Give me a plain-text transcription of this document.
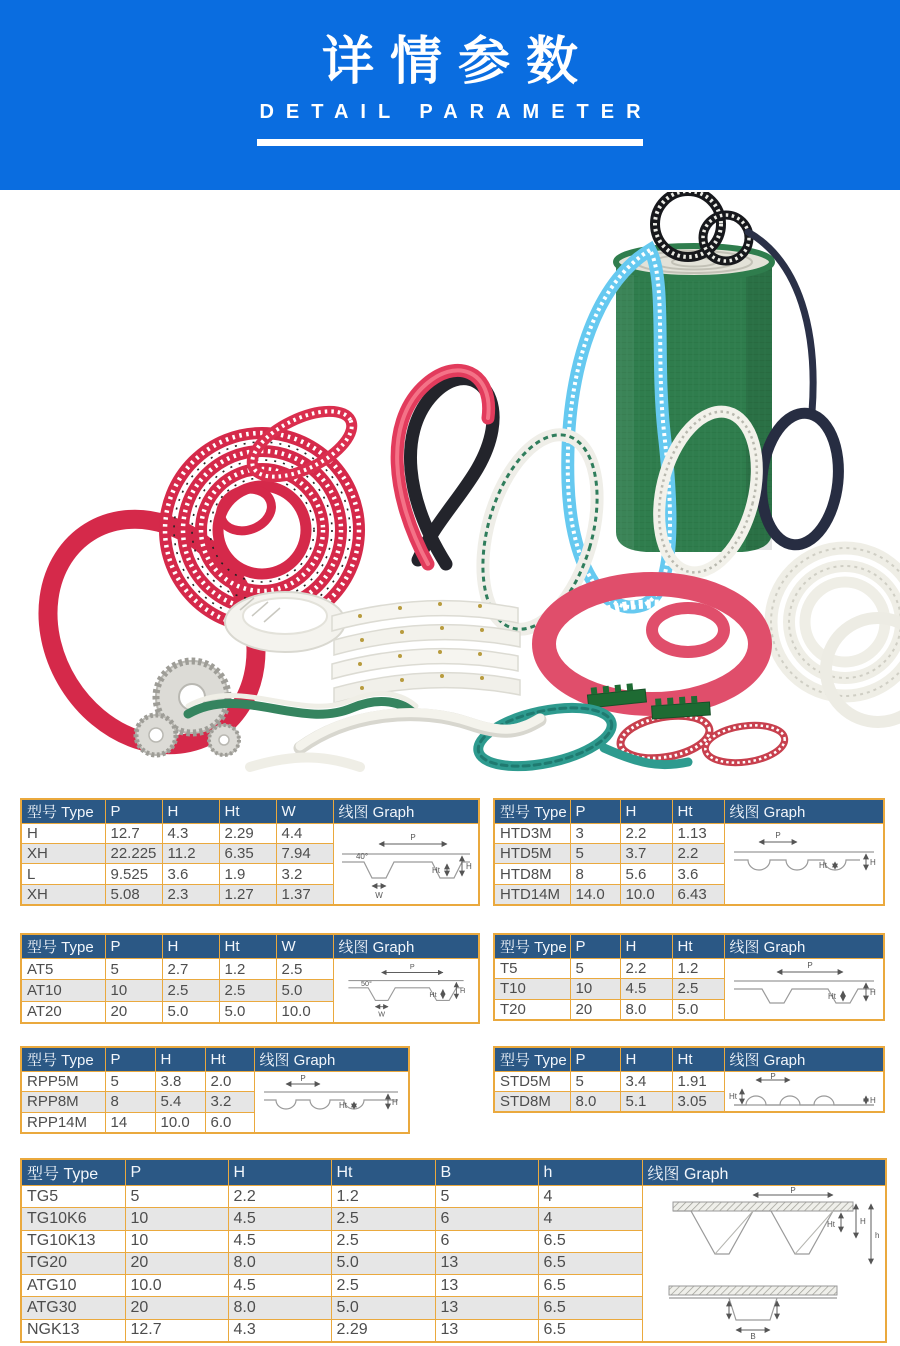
详情参数
DETAIL PARAMETER
型号 Type	P	H	Ht	W	线图 Graph
H	12.7	4.3	2.29	4.4	P
40°
W
Ht H

XH	22.225	11.2	6.35	7.94	
L	9.525	3.6	1.9	3.2	
XH	5.08	2.3	1.27	1.37	
型号 Type	P	H	Ht	线图 Graph
HTD3M	3	2.2	1.13	P
Ht H

HTD5M	5	3.7	2.2	
HTD8M	8	5.6	3.6	
HTD14M	14.0	10.0	6.43	
型号 Type	P	H	Ht	W	线图 Graph
AT5	5	2.7	1.2	2.5	P
50°
W
Ht H

AT10	10	2.5	2.5	5.0	
AT20	20	5.0	5.0	10.0	
型号 Type	P	H	Ht	线图 Graph
T5	5	2.2	1.2	P
Ht H

T10	10	4.5	2.5	
T20	20	8.0	5.0	
型号 Type	P	H	Ht	线图 Graph
RPP5M	5	3.8	2.0	P
Ht H

RPP8M	8	5.4	3.2	
RPP14M	14	10.0	6.0	
型号 Type	P	H	Ht	线图 Graph
STD5M	5	3.4	1.91	P
Ht H

STD8M	8.0	5.1	3.05	
型号 Type	P	H	Ht	B	h	线图 Graph
TG5	5	2.2	1.2	5	4	P
Ht H
h
B

TG10K6	10	4.5	2.5	6	4	
TG10K13	10	4.5	2.5	6	6.5	
TG20	20	8.0	5.0	13	6.5	
ATG10	10.0	4.5	2.5	13	6.5	
ATG30	20	8.0	5.0	13	6.5	
NGK13	12.7	4.3	2.29	13	6.5	
